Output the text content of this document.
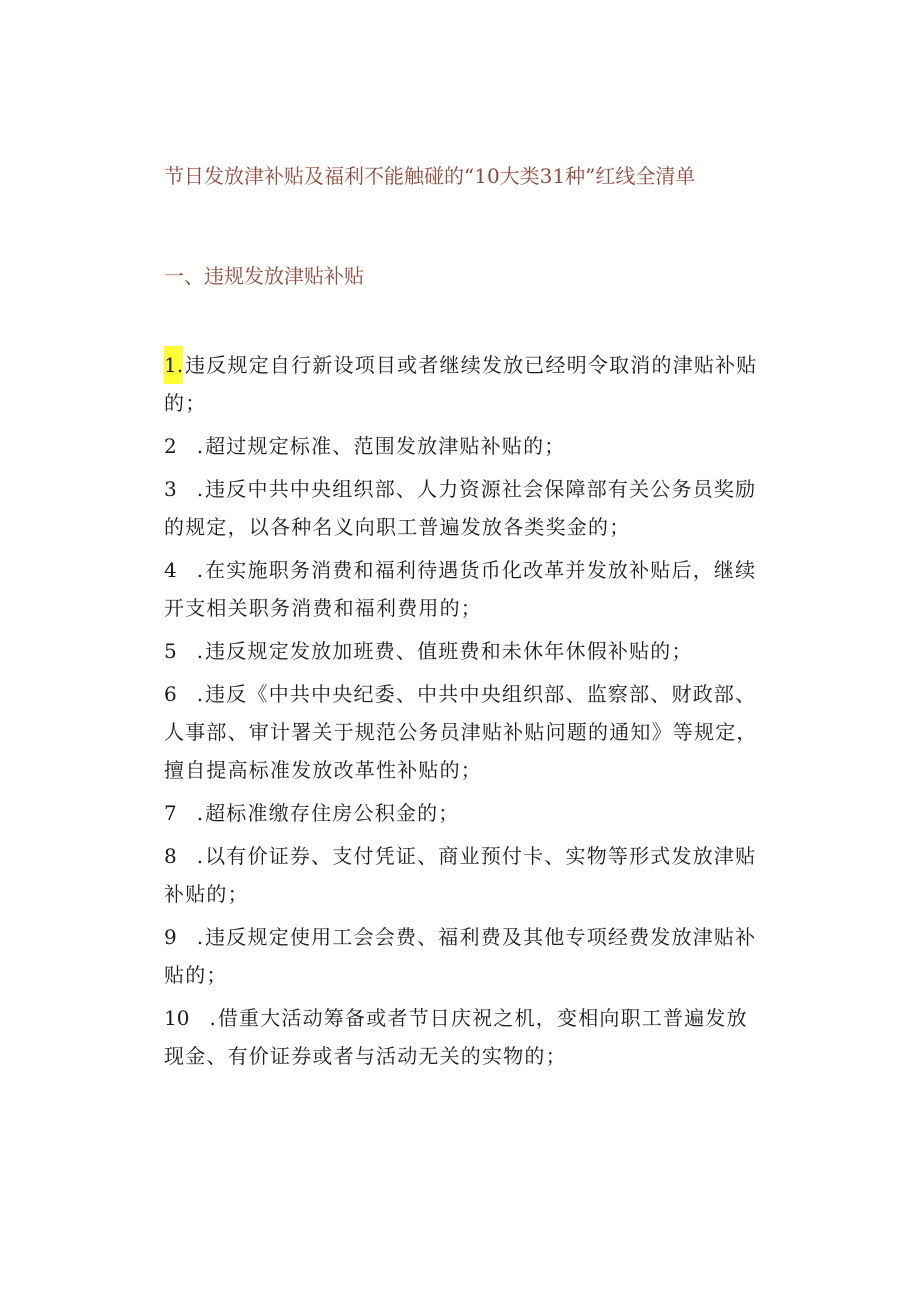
节日发放津补贴及福利不能触碰的“10大类31种”红线全清单
一、违规发放津贴补贴

1. 违反规定自行新设项目或者继续发放已经明令取消的津贴补贴的；

2　. 超过规定标准、范围发放津贴补贴的；

3　. 违反中共中央组织部、人力资源社会保障部有关公务员奖励的规定，以各种名义向职工普遍发放各类奖金的；

4　. 在实施职务消费和福利待遇货币化改革并发放补贴后，继续开支相关职务消费和福利费用的；

5　. 违反规定发放加班费、值班费和未休年休假补贴的；

6　. 违反《中共中央纪委、中共中央组织部、监察部、财政部、人事部、审计署关于规范公务员津贴补贴问题的通知》等规定，擅自提高标准发放改革性补贴的；

7　. 超标准缴存住房公积金的；

8　. 以有价证券、支付凭证、商业预付卡、实物等形式发放津贴补贴的；

9　. 违反规定使用工会会费、福利费及其他专项经费发放津贴补贴的；

10　. 借重大活动筹备或者节日庆祝之机，变相向职工普遍发放现金、有价证券或者与活动无关的实物的；
